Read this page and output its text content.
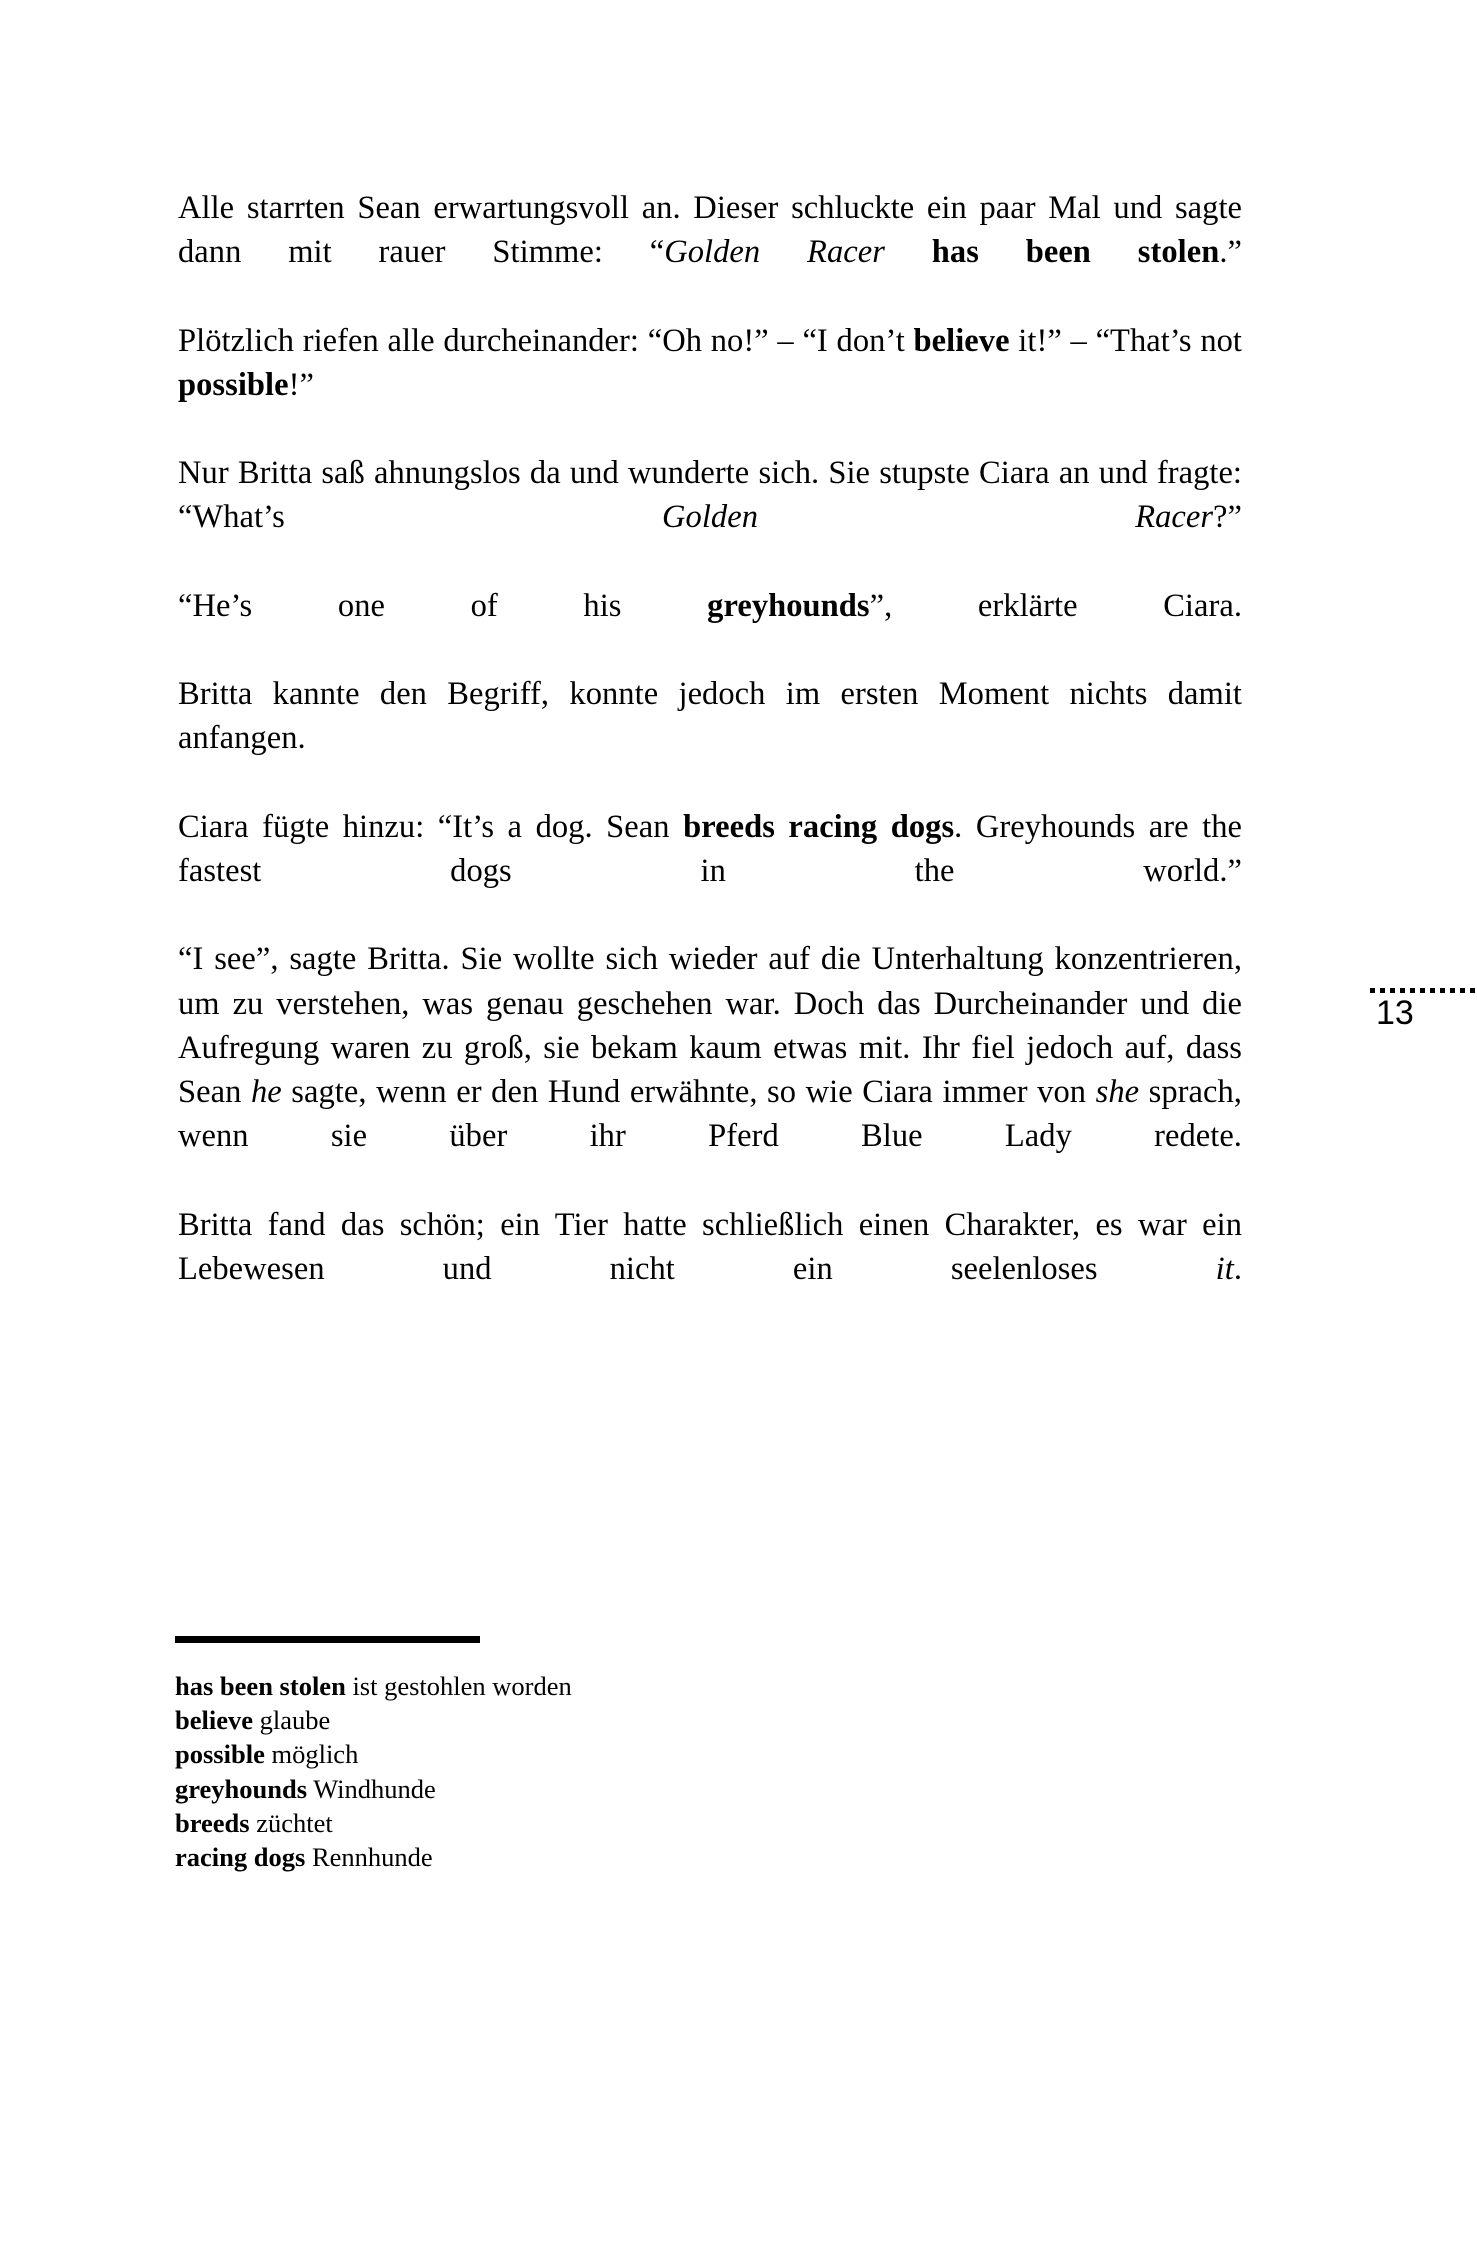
Alle starrten Sean erwartungsvoll an. Dieser schluckte ein paar Mal und sagte dann mit rauer Stimme: “Golden Racer has been stolen.”
Plötzlich riefen alle durcheinander: “Oh no!” – “I don’t believe it!” – “That’s not possible!”
Nur Britta saß ahnungslos da und wunderte sich. Sie stupste Ciara an und fragte: “What’s Golden Racer?”
“He’s one of his greyhounds”, erklärte Ciara.
Britta kannte den Begriff, konnte jedoch im ersten Moment nichts damit anfangen.
Ciara fügte hinzu: “It’s a dog. Sean breeds racing dogs. Greyhounds are the fastest dogs in the world.”
“I see”, sagte Britta. Sie wollte sich wieder auf die Unterhaltung konzentrieren, um zu verstehen, was genau geschehen war. Doch das Durcheinander und die Aufregung waren zu groß, sie bekam kaum etwas mit. Ihr fiel jedoch auf, dass Sean he sagte, wenn er den Hund erwähnte, so wie Ciara immer von she sprach, wenn sie über ihr Pferd Blue Lady redete.
Britta fand das schön; ein Tier hatte schließlich einen Charakter, es war ein Lebewesen und nicht ein seelenloses it.
13
has been stolen ist gestohlen worden
believe glaube
possible möglich
greyhounds Windhunde
breeds züchtet
racing dogs Rennhunde
